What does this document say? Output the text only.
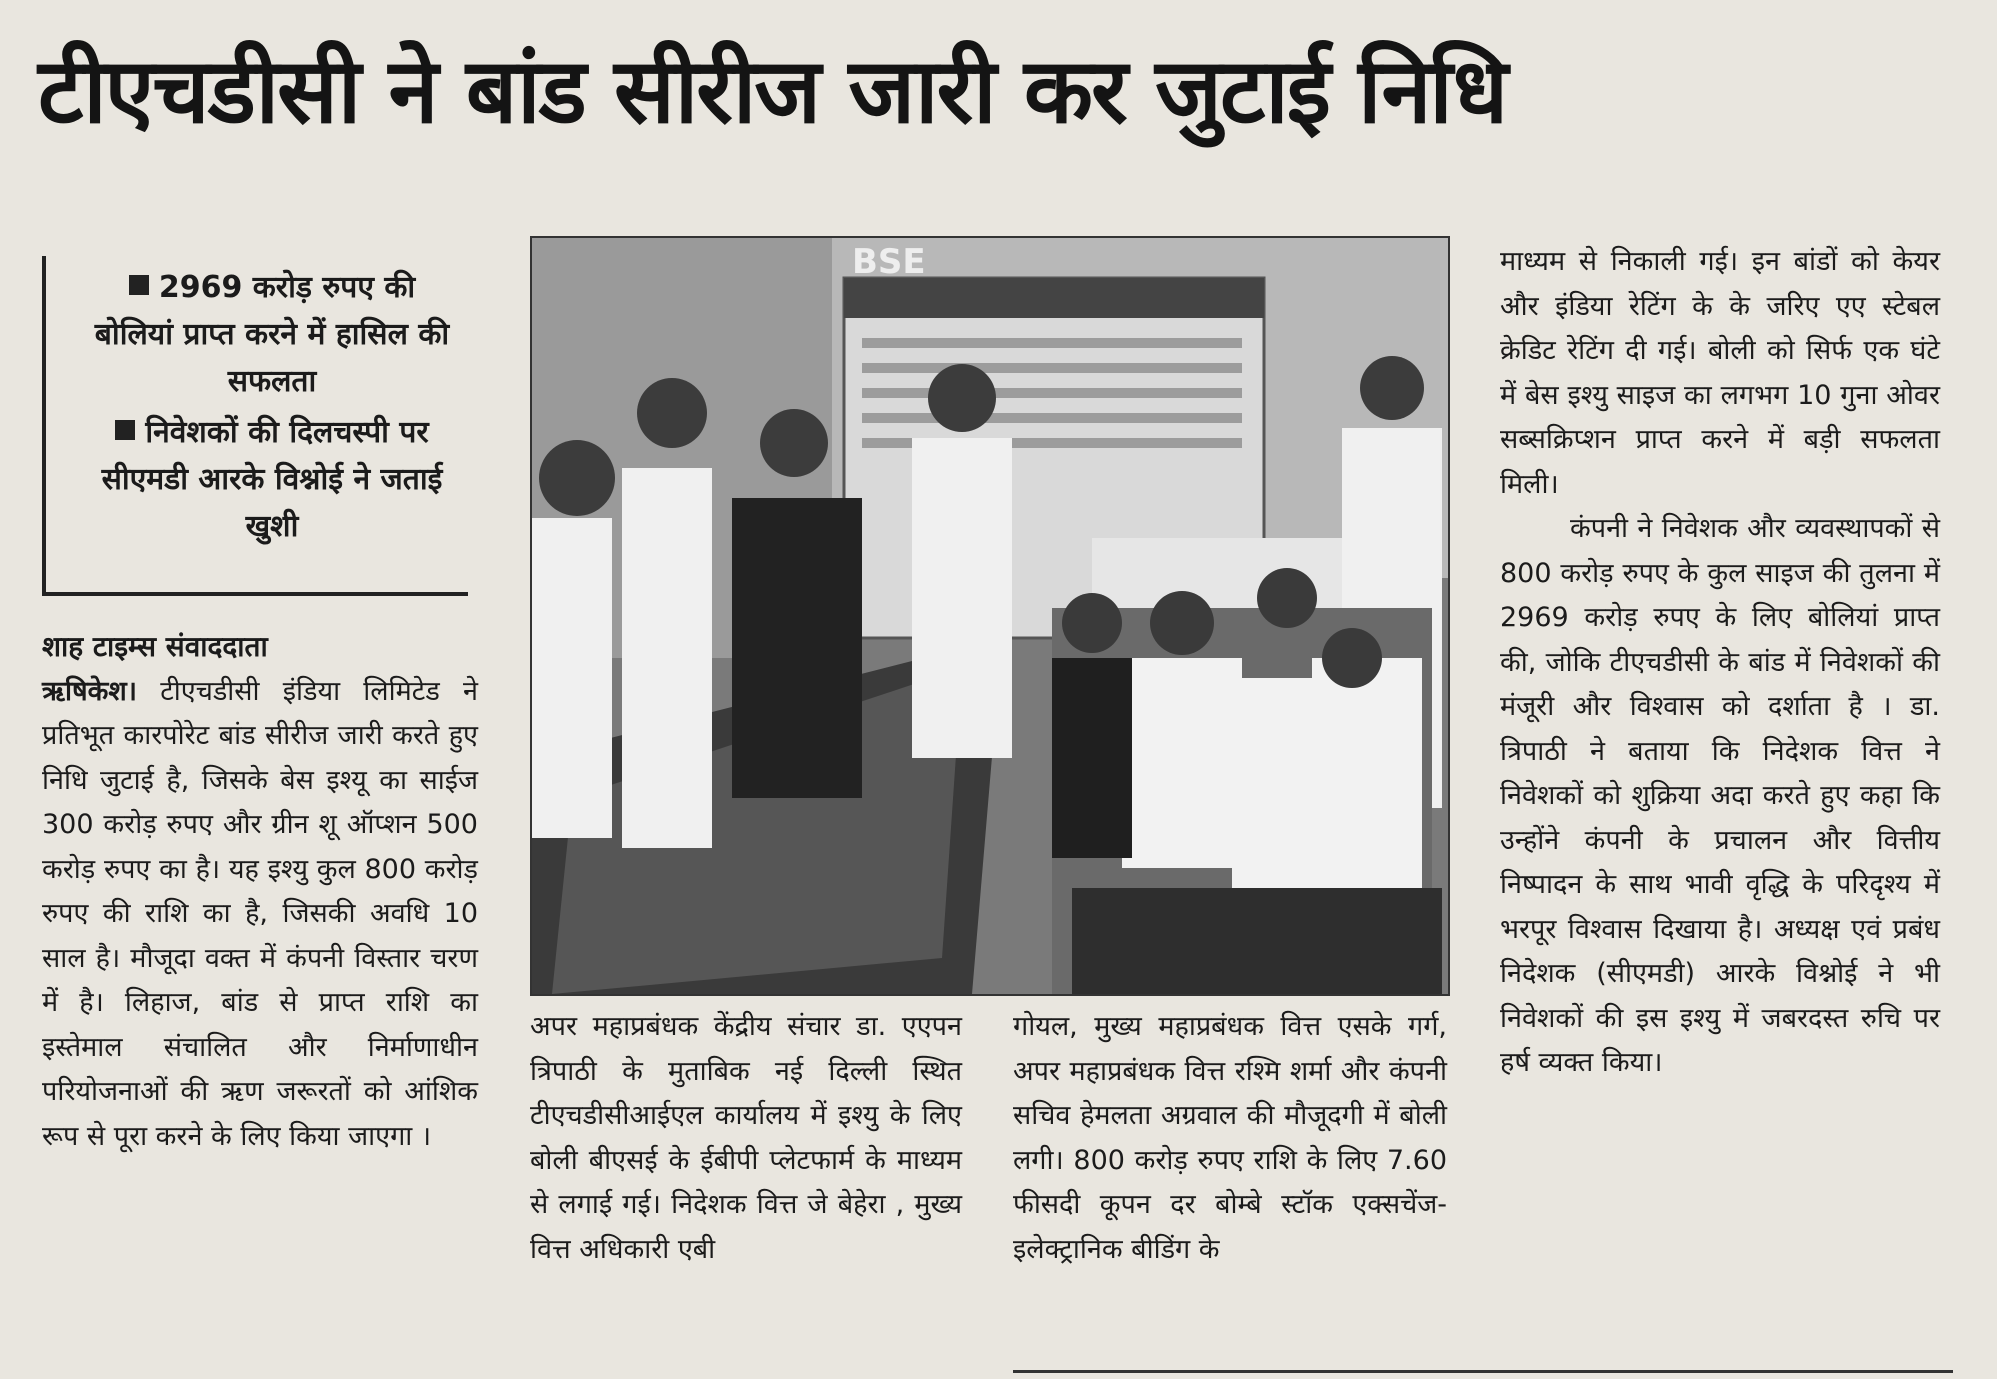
टीएचडीसी ने बांड सीरीज जारी कर जुटाई निधि

2969 करोड़ रुपए की बोलियां प्राप्त करने में हासिल की सफलता

निवेशकों की दिलचस्पी पर सीएमडी आरके विश्नोई ने जताई खुशी

शाह टाइम्स संवाददाता
ऋषिकेश। टीएचडीसी इंडिया लिमिटेड ने प्रतिभूत कारपोरेट बांड सीरीज जारी करते हुए निधि जुटाई है, जिसके बेस इश्यू का साईज 300 करोड़ रुपए और ग्रीन शू ऑप्शन 500 करोड़ रुपए का है। यह इश्यु कुल 800 करोड़ रुपए की राशि का है, जिसकी अवधि 10 साल है। मौजूदा वक्त में कंपनी विस्तार चरण में है। लिहाज, बांड से प्राप्त राशि का इस्तेमाल संचालित और निर्माणाधीन परियोजनाओं की ऋण जरूरतों को आंशिक रूप से पूरा करने के लिए किया जाएगा ।
BSE
अपर महाप्रबंधक केंद्रीय संचार डा. एएपन त्रिपाठी के मुताबिक नई दिल्ली स्थित टीएचडीसीआईएल कार्यालय में इश्यु के लिए बोली बीएसई के ईबीपी प्लेटफार्म के माध्यम से लगाई गई। निदेशक वित्त जे बेहेरा , मुख्य वित्त अधिकारी एबी
गोयल, मुख्य महाप्रबंधक वित्त एसके गर्ग, अपर महाप्रबंधक वित्त रश्मि शर्मा और कंपनी सचिव हेमलता अग्रवाल की मौजूदगी में बोली लगी। 800 करोड़ रुपए राशि के लिए 7.60 फीसदी कूपन दर बोम्बे स्टॉक एक्सचेंज-इलेक्ट्रानिक बीडिंग के
माध्यम से निकाली गई। इन बांडों को केयर और इंडिया रेटिंग के के जरिए एए स्टेबल क्रेडिट रेटिंग दी गई। बोली को सिर्फ एक घंटे में बेस इश्यु साइज का लगभग 10 गुना ओवर सब्सक्रिप्शन प्राप्त करने में बड़ी सफलता मिली।
कंपनी ने निवेशक और व्यवस्थापकों से 800 करोड़ रुपए के कुल साइज की तुलना में 2969 करोड़ रुपए के लिए बोलियां प्राप्त की, जोकि टीएचडीसी के बांड में निवेशकों की मंजूरी और विश्वास को दर्शाता है । डा. त्रिपाठी ने बताया कि निदेशक वित्त ने निवेशकों को शुक्रिया अदा करते हुए कहा कि उन्होंने कंपनी के प्रचालन और वित्तीय निष्पादन के साथ भावी वृद्धि के परिदृश्य में भरपूर विश्वास दिखाया है। अध्यक्ष एवं प्रबंध निदेशक (सीएमडी) आरके विश्नोई ने भी निवेशकों की इस इश्यु में जबरदस्त रुचि पर हर्ष व्यक्त किया।
